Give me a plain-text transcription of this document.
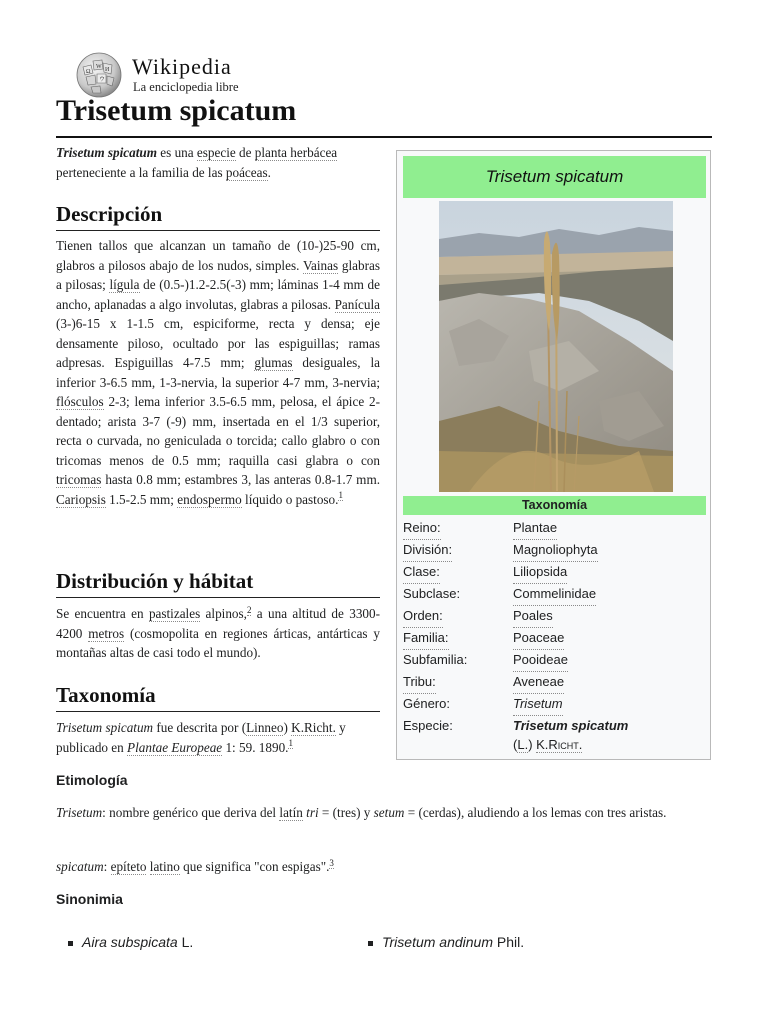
Ω
W И
ウ
Wikipedia
La enciclopedia libre
Trisetum spicatum

Trisetum spicatum es una especie de planta herbácea perteneciente a la familia de las poáceas.

Descripción

Tienen tallos que alcanzan un tamaño de (10-)25-90 cm, glabros a pilosos abajo de los nudos, simples. Vainas glabras a pilosas; lígula de (0.5-)1.2-2.5(-3) mm; láminas 1-4 mm de ancho, aplanadas a algo involutas, glabras a pilosas. Panícula (3-)6-15 x 1-1.5 cm, espiciforme, recta y densa; eje densamente piloso, ocultado por las espiguillas; ramas adpresas. Espiguillas 4-7.5 mm; glumas desiguales, la inferior 3-6.5 mm, 1-3-nervia, la superior 4-7 mm, 3-nervia; flósculos 2-3; lema inferior 3.5-6.5 mm, pelosa, el ápice 2-dentado; arista 3-7 (-9) mm, insertada en el 1/3 superior, recta o curvada, no geniculada o torcida; callo glabro o con tricomas menos de 0.5 mm; raquilla casi glabra o con tricomas hasta 0.8 mm; estambres 3, las anteras 0.8-1.7 mm. Cariopsis 1.5-2.5 mm; endospermo líquido o pastoso.$^1$

Distribución y hábitat

Se encuentra en pastizales alpinos,$^2$ a una altitud de 3300-4200 metros (cosmopolita en regiones árticas, antárticas y montañas altas de casi todo el mundo).

Taxonomía

Trisetum spicatum fue descrita por (Linneo) K.Richt. y publicado en Plantae Europeae 1: 59. 1890.$^1$

Etimología

Trisetum: nombre genérico que deriva del latín tri = (tres) y setum = (cerdas), aludiendo a los lemas con tres aristas.

spicatum: epíteto latino que significa "con espigas".$^3$

Sinonimia
Aira subspicata L.	Trisetum andinum Phil.
Trisetum spicatum
Taxonomía
Reino:	Plantae
División:	Magnoliophyta
Clase:	Liliopsida
Subclase:	Commelinidae
Orden:	Poales
Familia:	Poaceae
Subfamilia:	Pooideae
Tribu:	Aveneae
Género:	Trisetum
Especie:	Trisetum spicatum
(L.) K.Richt.
